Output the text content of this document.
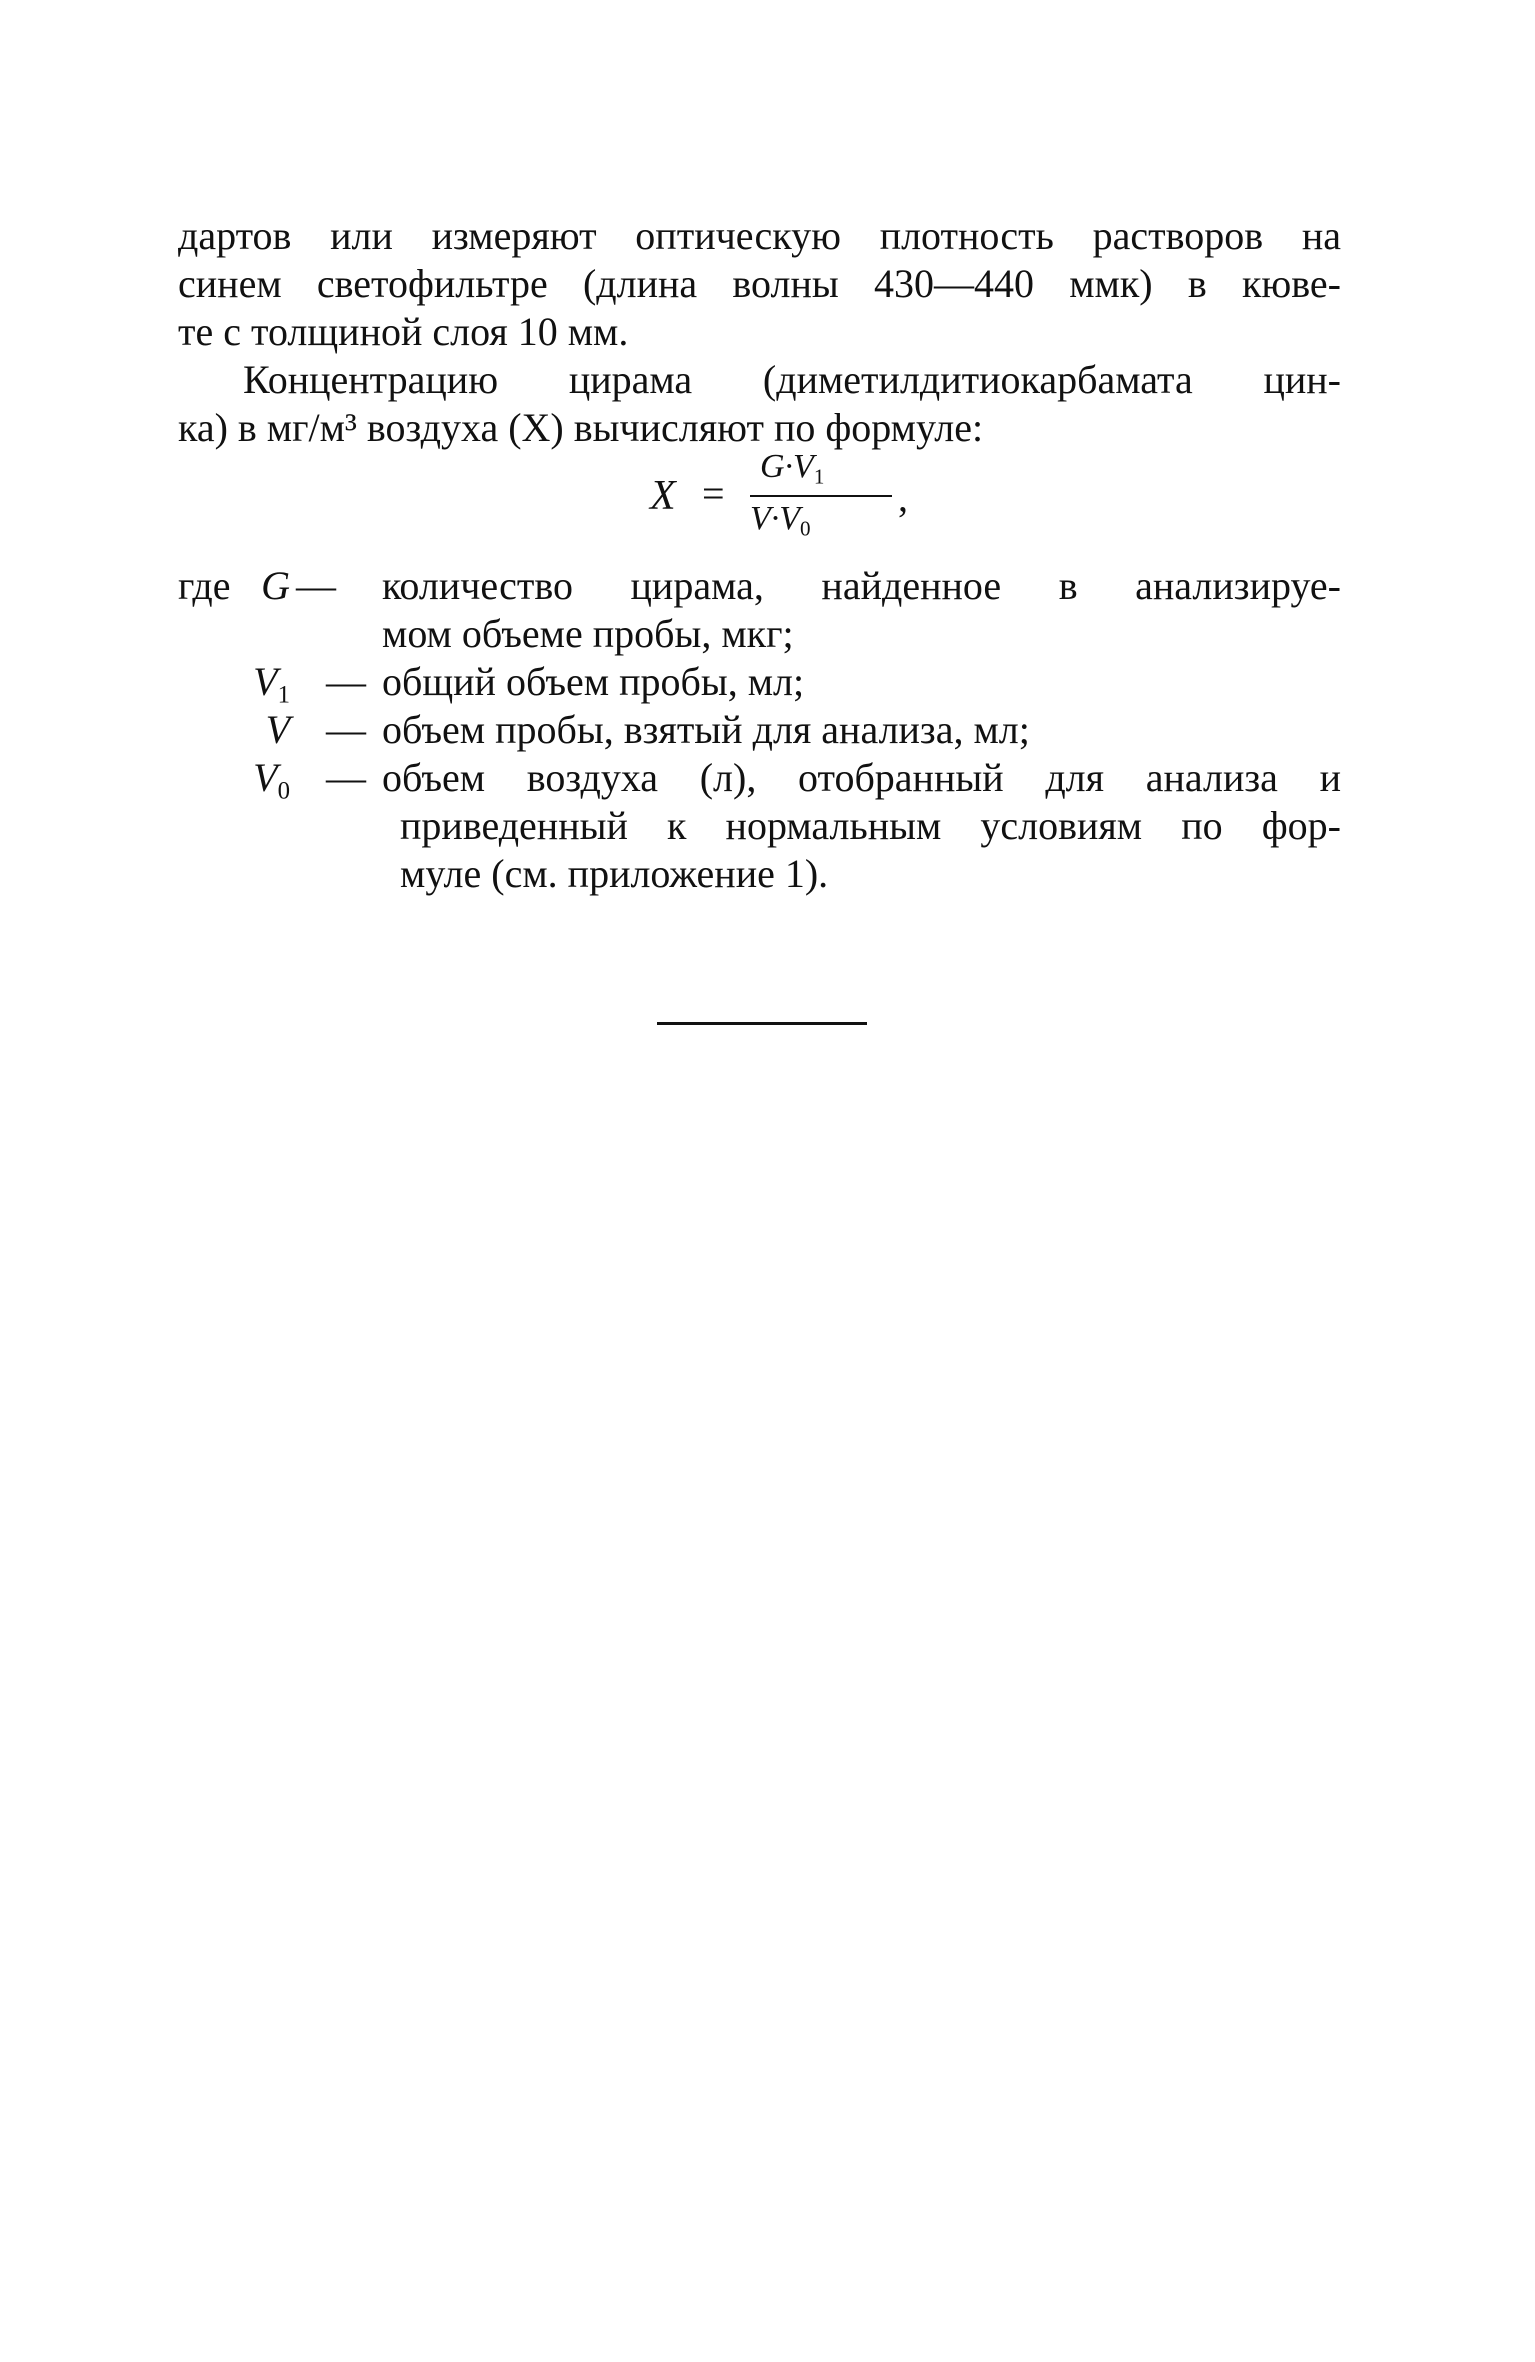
дартов или измеряют оптическую плотность растворов на
синем светофильтре (длина волны 430—440 ммк) в кюве-
те с толщиной слоя 10 мм.
Концентрацию цирама (диметилдитиокарбамата цин-
ка) в мг/м³ воздуха (X) вычисляют по формуле:
X =
$G\cdot V_1$
$V\cdot V_0$
,
где G — количество цирама, найденное в анализируе-
мом объеме пробы, мкг;
$V_1$ — общий объем пробы, мл;
V — объем пробы, взятый для анализа, мл;
$V_0$ — объем воздуха (л), отобранный для анализа и
приведенный к нормальным условиям по фор-
муле (см. приложение 1).
